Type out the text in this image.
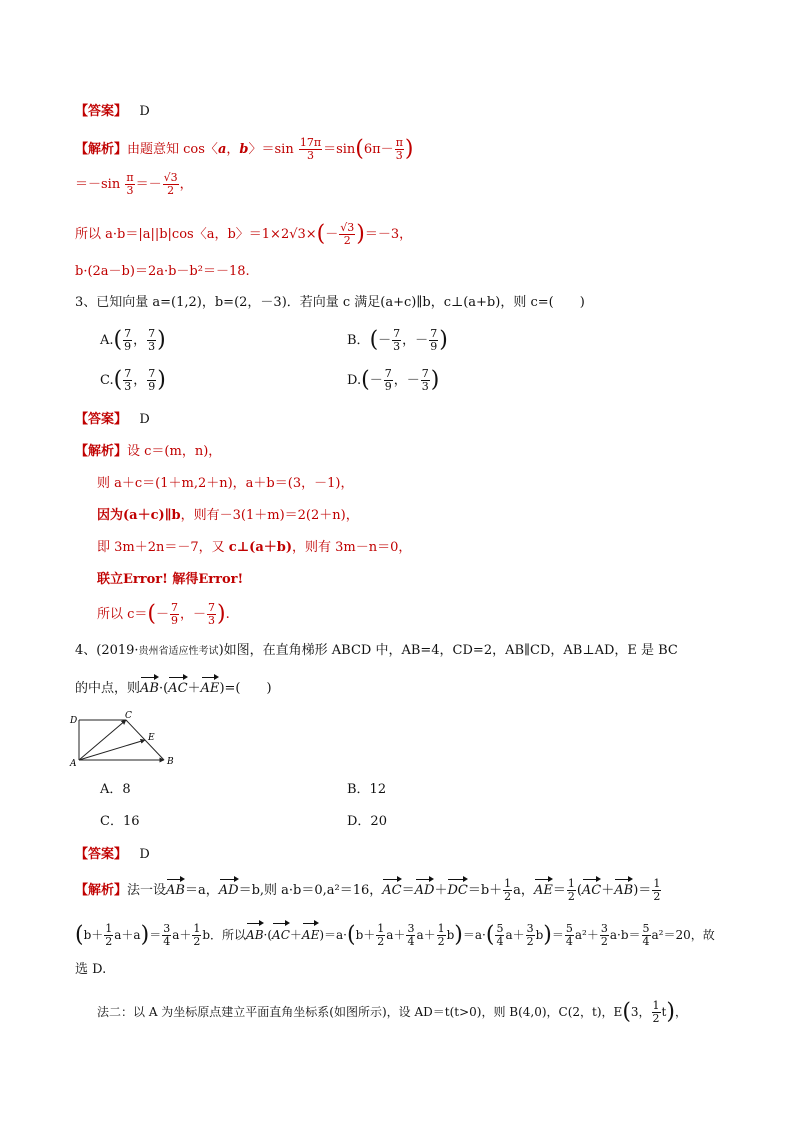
【答案】 D
【解析】由题意知 cos〈a，b〉$=\sin \frac{17\pi}{3} =\sin(6\pi- \frac{\pi}{3}$ )
$=-\sin \frac{\pi}{3} =- \frac{√3}{2}$ ，
所以 a·b＝|a||b|cos〈a，b〉$=1\times 2√3\times(- \frac{√3}{2} )=-3$，
b·(2a－b)＝2a·b－b²＝－18.
3、已知向量 a=(1,2)，b=(2，－3)．若向量 c 满足(a+c)∥b，c⊥(a+b)，则 c=(　　)
$A.( \frac{7}{9}$ ， $\frac{7}{3}$ )	B．(－ $\frac{7}{3}$ ，－ $\frac{7}{9}$ )
$C.( \frac{7}{3}$ ， $\frac{7}{9}$ )	$D.(- \frac{7}{9}$ ，－ $\frac{7}{3}$ )
【答案】 D
【解析】设 c＝(m，n)，
则 a＋c＝(1＋m,2＋n)，a＋b＝(3，－1)，
因为(a＋c)∥b，则有－3(1＋m)＝2(2＋n)，
即 3m＋2n＝－7，又 c⊥(a＋b)，则有 3m－n＝0，
联立Error! 解得Error!
所以 $c=(- \frac{7}{9}$ ，－ $\frac{7}{3}$ ).
4、(2019·贵州省适应性考试)如图，在直角梯形 ABCD 中，AB=4，CD=2，AB∥CD，AB⊥AD，E 是 BC
的中点，则AB·(AC＋AE)=(　　)
D	C
E
A	B
A．8	B．12
C．16	D．20
【答案】 D
【解析】法一设AB＝a，AD＝b,则 a·b＝0,a²＝16，$AC=AD+DC=b+ \frac{1}{2}$ a，$AE= \frac{1}{2} (AC+AB)= \frac{1}{2}$
$(b+ \frac{1}{2} a+a)= \frac{3}{4} a+ \frac{1}{2}$ b．所以$AB\cdot(AC+AE)=a\cdot(b+ \frac{1}{2} a+ \frac{3}{4} a+ \frac{1}{2} b)=a\cdot( \frac{5}{4} a+ \frac{3}{2} b)= \frac{5}{4} a^2+ \frac{3}{2} a\cdot b= \frac{5}{4} a^2=20$，故
选 D.
法二：以 A 为坐标原点建立平面直角坐标系(如图所示)，设 AD＝t(t>0)，则 B(4,0)，C(2，t)，E(3， $\frac{1}{2} t$)，
